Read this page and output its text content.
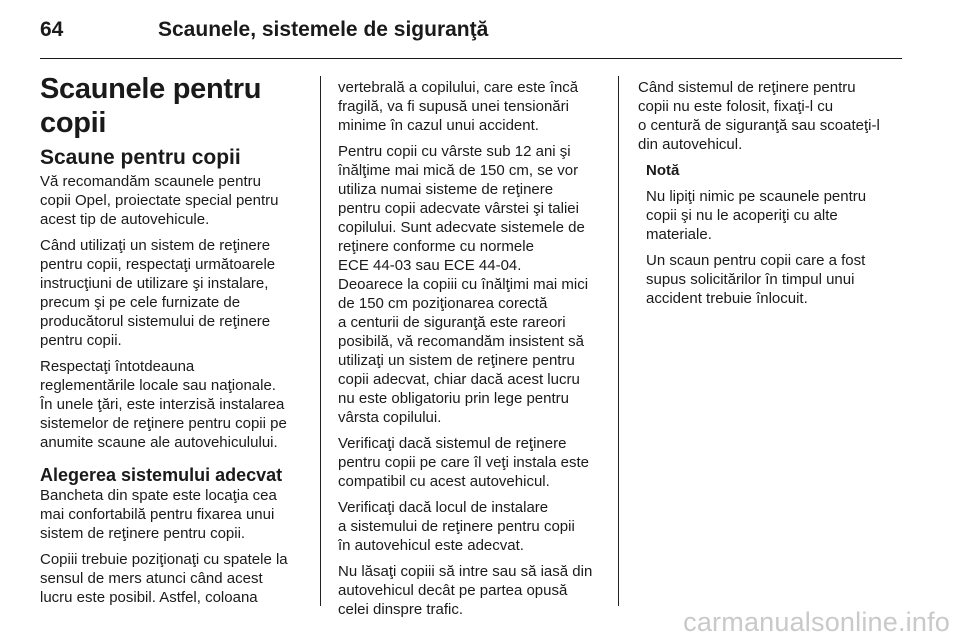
64	Scaunele, sistemele de siguranţă
Scaunele pentru copii
Scaune pentru copii

Vă recomandăm scaunele pentru
copii Opel, proiectate special pentru
acest tip de autovehicule.

Când utilizaţi un sistem de reţinere
pentru copii, respectaţi următoarele
instrucţiuni de utilizare şi instalare,
precum şi pe cele furnizate de
producătorul sistemului de reţinere
pentru copii.

Respectaţi întotdeauna
reglementările locale sau naţionale.
În unele ţări, este interzisă instalarea
sistemelor de reţinere pentru copii pe
anumite scaune ale autovehiculului.

Alegerea sistemului adecvat

Bancheta din spate este locaţia cea
mai confortabilă pentru fixarea unui
sistem de reţinere pentru copii.

Copiii trebuie poziţionaţi cu spatele la
sensul de mers atunci când acest
lucru este posibil. Astfel, coloana

vertebrală a copilului, care este încă
fragilă, va fi supusă unei tensionări
minime în cazul unui accident.

Pentru copii cu vârste sub 12 ani şi
înălţime mai mică de 150 cm, se vor
utiliza numai sisteme de reţinere
pentru copii adecvate vârstei şi taliei
copilului. Sunt adecvate sistemele de
reţinere conforme cu normele
ECE 44-03 sau ECE 44-04.
Deoarece la copiii cu înălţimi mai mici
de 150 cm poziţionarea corectă
a centurii de siguranţă este rareori
posibilă, vă recomandăm insistent să
utilizaţi un sistem de reţinere pentru
copii adecvat, chiar dacă acest lucru
nu este obligatoriu prin lege pentru
vârsta copilului.

Verificaţi dacă sistemul de reţinere
pentru copii pe care îl veţi instala este
compatibil cu acest autovehicul.

Verificaţi dacă locul de instalare
a sistemului de reţinere pentru copii
în autovehicul este adecvat.

Nu lăsaţi copiii să intre sau să iasă din
autovehicul decât pe partea opusă
celei dinspre trafic.

Când sistemul de reţinere pentru
copii nu este folosit, fixaţi-l cu
o centură de siguranţă sau scoateţi-l
din autovehicul.

Notă

Nu lipiţi nimic pe scaunele pentru
copii şi nu le acoperiţi cu alte
materiale.

Un scaun pentru copii care a fost
supus solicitărilor în timpul unui
accident trebuie înlocuit.

carmanualsonline.info
